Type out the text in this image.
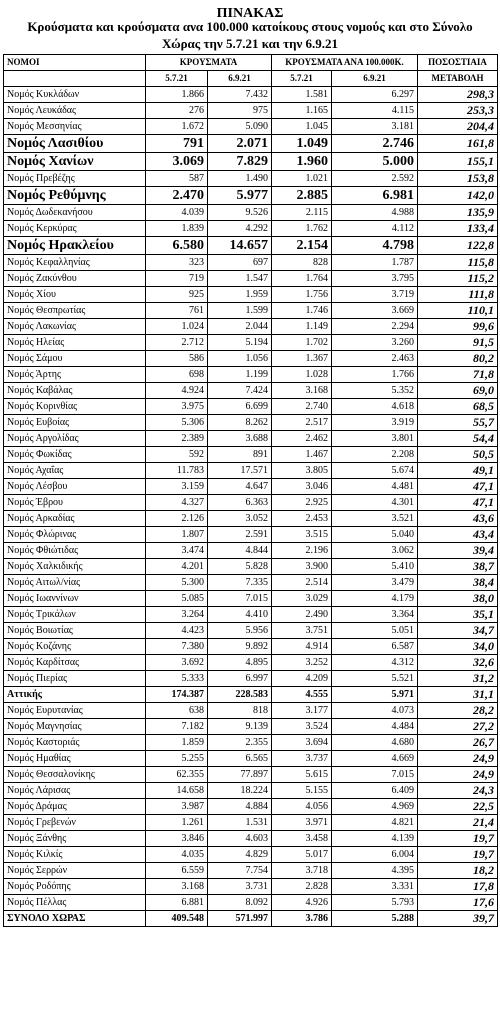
ΠΙΝΑΚΑΣ
Κρούσματα και κρούσματα ανα 100.000 κατοίκους στους νομούς και στο Σύνολο
Χώρας την 5.7.21 και την 6.9.21
ΝΟΜΟΙ	ΚΡΟΥΣΜΑΤΑ		ΚΡΟΥΣΜΑΤΑ ΑΝΑ 100.000Κ.		ΠΟΣΟΣΤΙΑΙΑ
	5.7.21	6.9.21	5.7.21	6.9.21	ΜΕΤΑΒΟΛΗ
Νομός Κυκλάδων	1.866	7.432	1.581	6.297	298,3
Νομός Λευκάδας	276	975	1.165	4.115	253,3
Νομός Μεσσηνίας	1.672	5.090	1.045	3.181	204,4
Νομός Λασιθίου	791	2.071	1.049	2.746	161,8
Νομός Χανίων	3.069	7.829	1.960	5.000	155,1
Νομός Πρεβέζης	587	1.490	1.021	2.592	153,8
Νομός Ρεθύμνης	2.470	5.977	2.885	6.981	142,0
Νομός Δωδεκανήσου	4.039	9.526	2.115	4.988	135,9
Νομός Κερκύρας	1.839	4.292	1.762	4.112	133,4
Νομός Ηρακλείου	6.580	14.657	2.154	4.798	122,8
Νομός Κεφαλληνίας	323	697	828	1.787	115,8
Νομός Ζακύνθου	719	1.547	1.764	3.795	115,2
Νομός Χίου	925	1.959	1.756	3.719	111,8
Νομός Θεσπρωτίας	761	1.599	1.746	3.669	110,1
Νομός Λακωνίας	1.024	2.044	1.149	2.294	99,6
Νομός Ηλείας	2.712	5.194	1.702	3.260	91,5
Νομός Σάμου	586	1.056	1.367	2.463	80,2
Νομός Άρτης	698	1.199	1.028	1.766	71,8
Νομός Καβάλας	4.924	7.424	3.168	5.352	69,0
Νομός Κορινθίας	3.975	6.699	2.740	4.618	68,5
Νομός Ευβοίας	5.306	8.262	2.517	3.919	55,7
Νομός Αργολίδας	2.389	3.688	2.462	3.801	54,4
Νομός Φωκίδας	592	891	1.467	2.208	50,5
Νομός Αχαΐας	11.783	17.571	3.805	5.674	49,1
Νομός Λέσβου	3.159	4.647	3.046	4.481	47,1
Νομός Έβρου	4.327	6.363	2.925	4.301	47,1
Νομός Αρκαδίας	2.126	3.052	2.453	3.521	43,6
Νομός Φλώρινας	1.807	2.591	3.515	5.040	43,4
Νομός Φθιώτιδας	3.474	4.844	2.196	3.062	39,4
Νομός Χαλκιδικής	4.201	5.828	3.900	5.410	38,7
Νομός Αιτωλ/νίας	5.300	7.335	2.514	3.479	38,4
Νομός Ιωαννίνων	5.085	7.015	3.029	4.179	38,0
Νομός Τρικάλων	3.264	4.410	2.490	3.364	35,1
Νομός Βοιωτίας	4.423	5.956	3.751	5.051	34,7
Νομός Κοζάνης	7.380	9.892	4.914	6.587	34,0
Νομός Καρδίτσας	3.692	4.895	3.252	4.312	32,6
Νομός Πιερίας	5.333	6.997	4.209	5.521	31,2
Αττικής	174.387	228.583	4.555	5.971	31,1
Νομός Ευρυτανίας	638	818	3.177	4.073	28,2
Νομός Μαγνησίας	7.182	9.139	3.524	4.484	27,2
Νομός Καστοριάς	1.859	2.355	3.694	4.680	26,7
Νομός Ημαθίας	5.255	6.565	3.737	4.669	24,9
Νομός Θεσσαλονίκης	62.355	77.897	5.615	7.015	24,9
Νομός Λάρισας	14.658	18.224	5.155	6.409	24,3
Νομός Δράμας	3.987	4.884	4.056	4.969	22,5
Νομός Γρεβενών	1.261	1.531	3.971	4.821	21,4
Νομός Ξάνθης	3.846	4.603	3.458	4.139	19,7
Νομός Κιλκίς	4.035	4.829	5.017	6.004	19,7
Νομός Σερρών	6.559	7.754	3.718	4.395	18,2
Νομός Ροδόπης	3.168	3.731	2.828	3.331	17,8
Νομός Πέλλας	6.881	8.092	4.926	5.793	17,6
ΣΥΝΟΛΟ ΧΩΡΑΣ	409.548	571.997	3.786	5.288	39,7
